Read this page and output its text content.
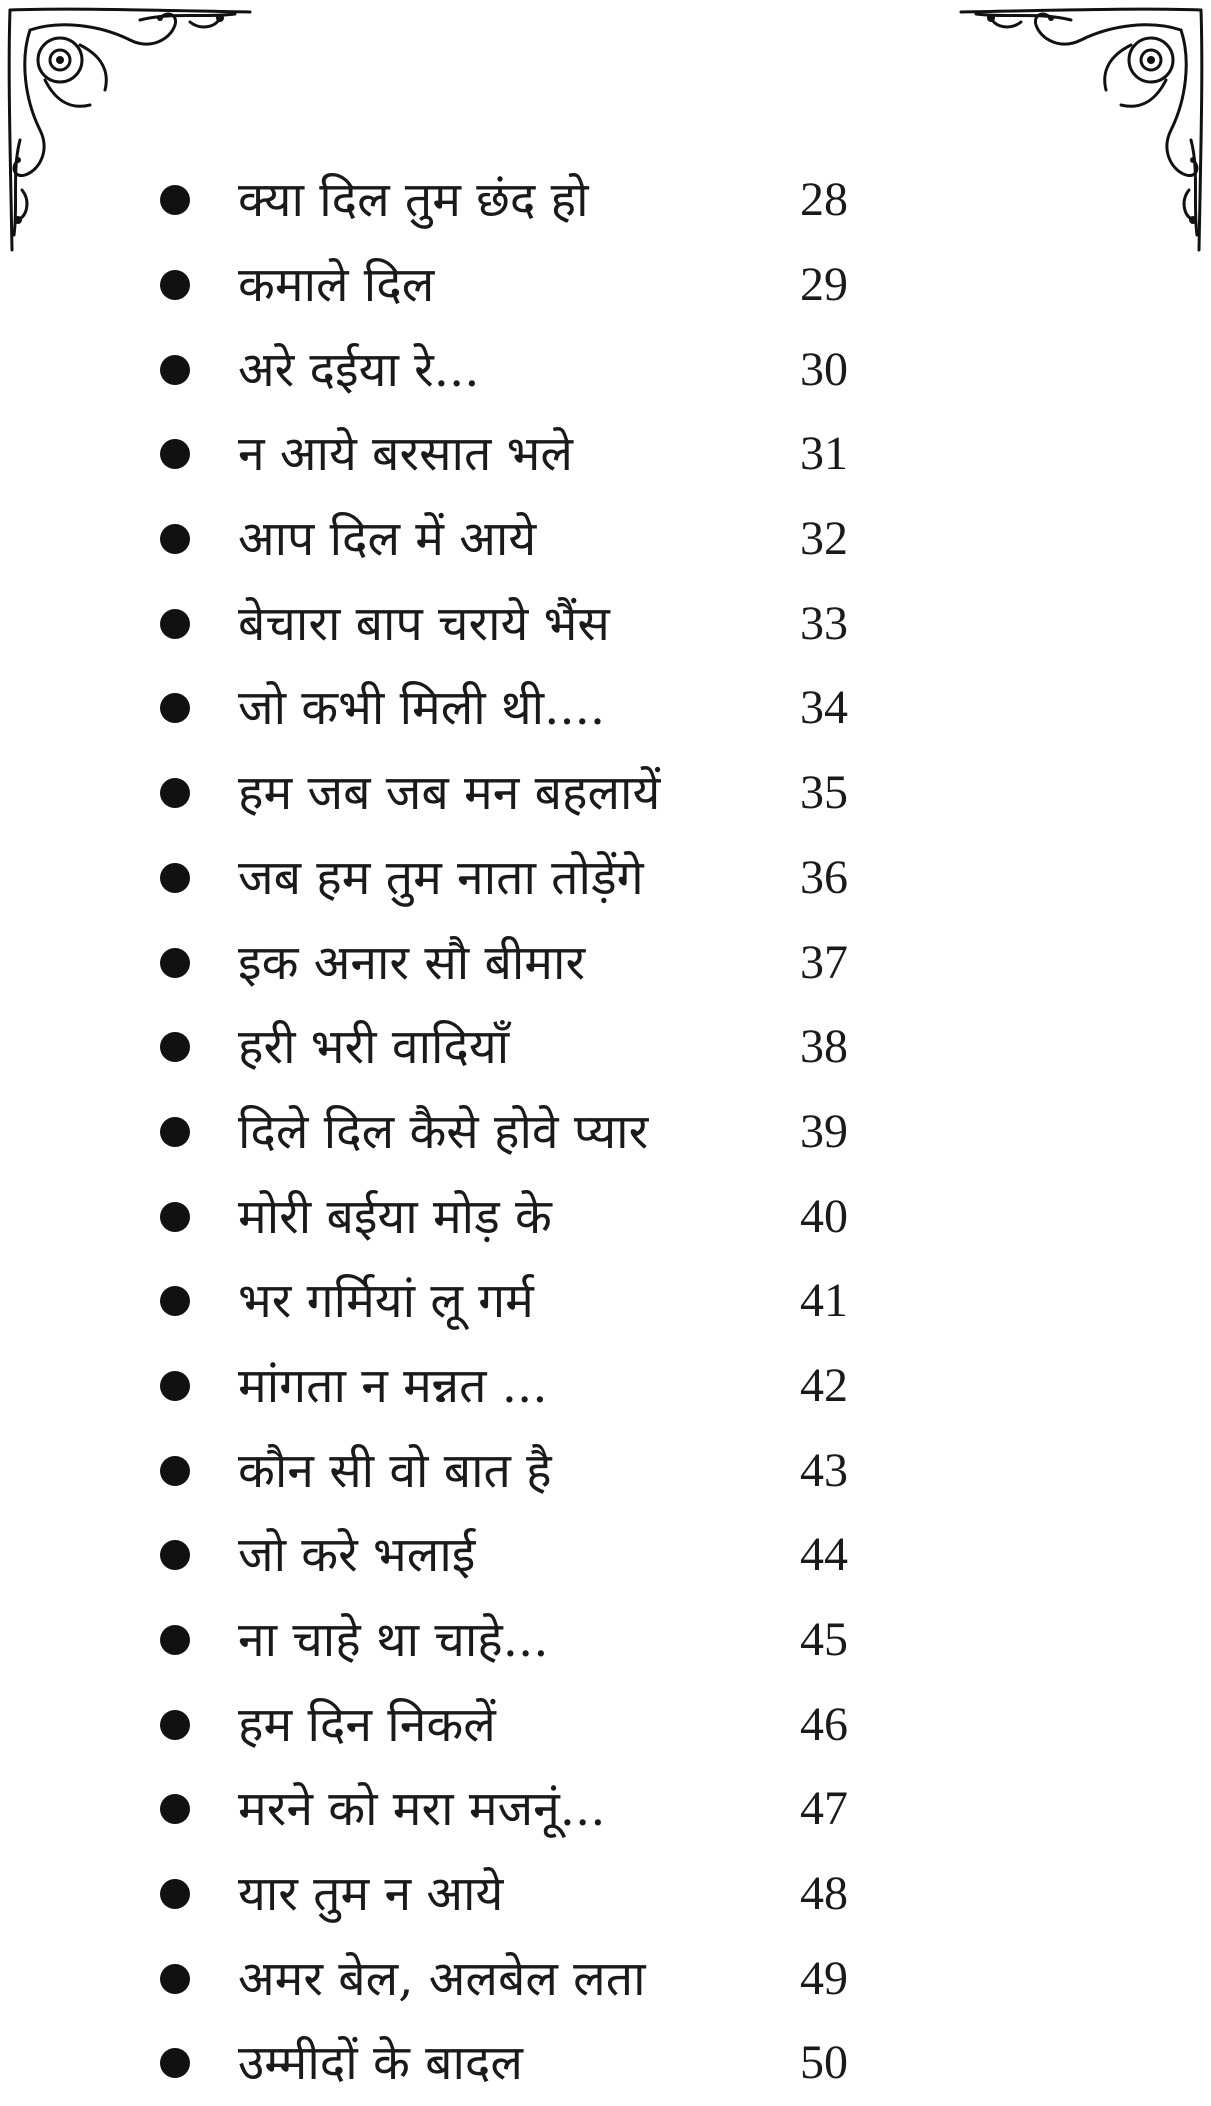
क्या दिल तुम छंद हो	28
कमाले दिल	29
अरे दईया रे...	30
न आये बरसात भले	31
आप दिल में आये	32
बेचारा बाप चराये भैंस	33
जो कभी मिली थी....	34
हम जब जब मन बहलायें	35
जब हम तुम नाता तोड़ेंगे	36
इक अनार सौ बीमार	37
हरी भरी वादियाँ	38
दिले दिल कैसे होवे प्यार	39
मोरी बईया मोड़ के	40
भर गर्मियां लू गर्म	41
मांगता न मन्नत ...	42
कौन सी वो बात है	43
जो करे भलाई	44
ना चाहे था चाहे...	45
हम दिन निकलें	46
मरने को मरा मजनूं...	47
यार तुम न आये	48
अमर बेल, अलबेल लता	49
उम्मीदों के बादल	50
